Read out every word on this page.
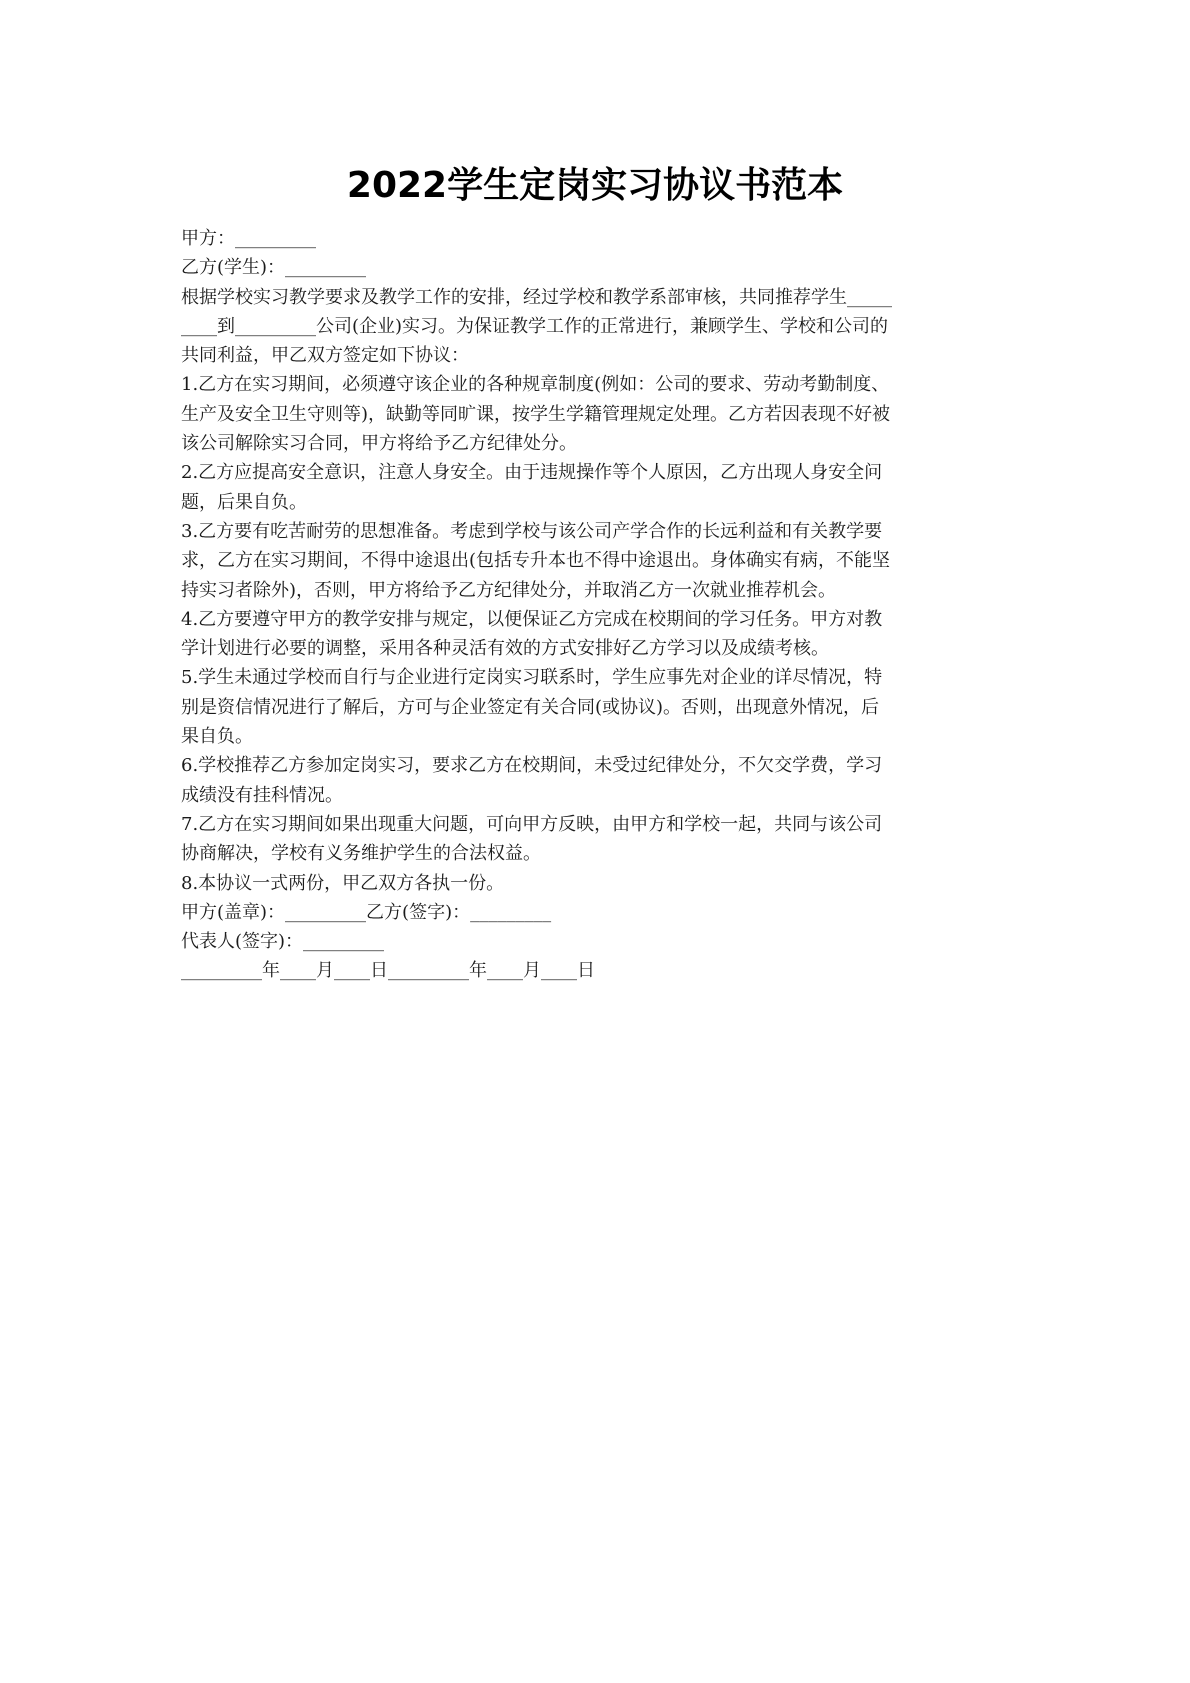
2022学生定岗实习协议书范本
甲方：_________
乙方(学生)：_________
根据学校实习教学要求及教学工作的安排，经过学校和教学系部审核，共同推荐学生_____
____到_________公司(企业)实习。为保证教学工作的正常进行，兼顾学生、学校和公司的
共同利益，甲乙双方签定如下协议：
1.乙方在实习期间，必须遵守该企业的各种规章制度(例如：公司的要求、劳动考勤制度、
生产及安全卫生守则等)，缺勤等同旷课，按学生学籍管理规定处理。乙方若因表现不好被
该公司解除实习合同，甲方将给予乙方纪律处分。
2.乙方应提高安全意识，注意人身安全。由于违规操作等个人原因，乙方出现人身安全问
题，后果自负。
3.乙方要有吃苦耐劳的思想准备。考虑到学校与该公司产学合作的长远利益和有关教学要
求，乙方在实习期间，不得中途退出(包括专升本也不得中途退出。身体确实有病，不能坚
持实习者除外)，否则，甲方将给予乙方纪律处分，并取消乙方一次就业推荐机会。
4.乙方要遵守甲方的教学安排与规定，以便保证乙方完成在校期间的学习任务。甲方对教
学计划进行必要的调整，采用各种灵活有效的方式安排好乙方学习以及成绩考核。
5.学生未通过学校而自行与企业进行定岗实习联系时，学生应事先对企业的详尽情况，特
别是资信情况进行了解后，方可与企业签定有关合同(或协议)。否则，出现意外情况，后
果自负。
6.学校推荐乙方参加定岗实习，要求乙方在校期间，未受过纪律处分，不欠交学费，学习
成绩没有挂科情况。
7.乙方在实习期间如果出现重大问题，可向甲方反映，由甲方和学校一起，共同与该公司
协商解决，学校有义务维护学生的合法权益。
8.本协议一式两份，甲乙双方各执一份。
甲方(盖章)：_________乙方(签字)：_________
代表人(签字)：_________
_________年____月____日_________年____月____日
